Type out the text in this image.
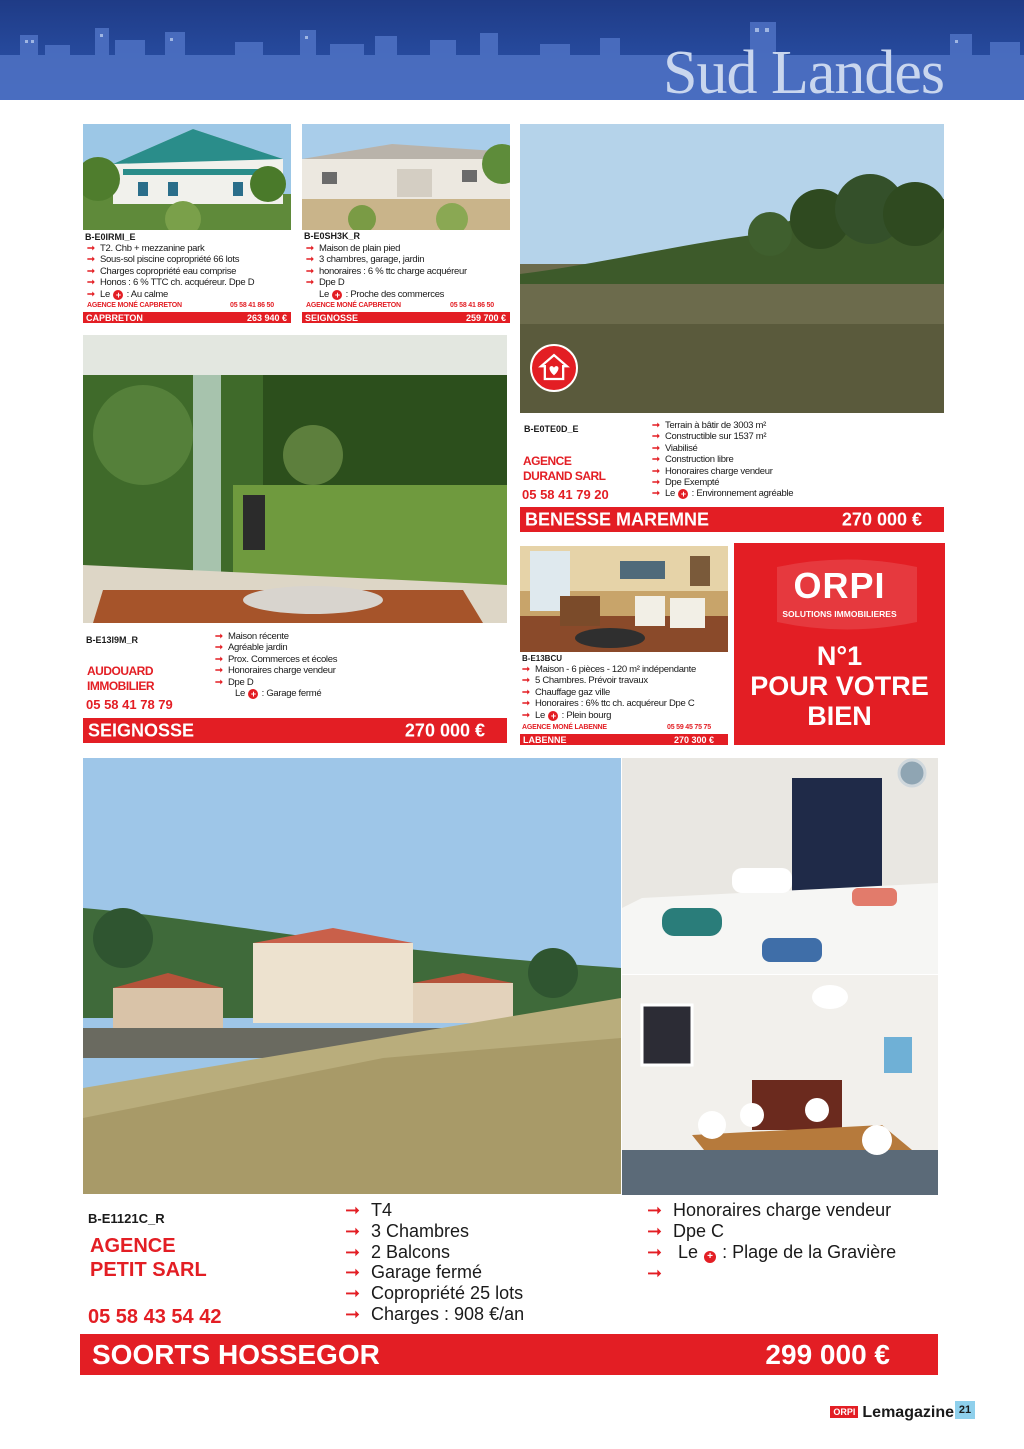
Sud Landes
B-E0IRMI_E
➞ T2. Chb + mezzanine park
➞ Sous-sol piscine copropriété 66 lots
➞ Charges copropriété eau comprise
➞ Honos : 6 % TTC ch. acquéreur. Dpe D
➞ Le + : Au calme
AGENCE MONÉ CAPBRETON	05 58 41 86 50
CAPBRETON	263 940 €
B-E0SH3K_R
➞ Maison de plain pied
➞ 3 chambres, garage, jardin
➞ honoraires : 6 % ttc charge acquéreur
➞ Dpe D
Le + : Proche des commerces
AGENCE MONÉ CAPBRETON	05 58 41 86 50
SEIGNOSSE	259 700 €
B-E0TE0D_E
AGENCE
DURAND SARL
05 58 41 79 20
➞ Terrain à bâtir de 3003 m²
➞ Constructible sur 1537 m²
➞ Viabilisé
➞ Construction libre
➞ Honoraires charge vendeur
➞ Dpe Exempté
➞ Le + : Environnement agréable
BENESSE MAREMNE	270 000 €
B-E13I9M_R
AUDOUARD
IMMOBILIER
05 58 41 78 79
➞ Maison récente
➞ Agréable jardin
➞ Prox. Commerces et écoles
➞ Honoraires charge vendeur
➞ Dpe D
Le + : Garage fermé
SEIGNOSSE	270 000 €
B-E13BCU
➞ Maison - 6 pièces - 120 m² indépendante
➞ 5 Chambres. Prévoir travaux
➞ Chauffage gaz ville
➞ Honoraires : 6% ttc ch. acquéreur Dpe C
➞ Le + : Plein bourg
AGENCE MONÉ LABENNE	05 59 45 75 75
LABENNE	270 300 €
ORPI
SOLUTIONS IMMOBILIERES
N°1
POUR VOTRE
BIEN
B-E1121C_R
AGENCE
PETIT SARL
05 58 43 54 42
➞ T4
➞ 3 Chambres
➞ 2 Balcons
➞ Garage fermé
➞ Copropriété 25 lots
➞ Charges : 908 €/an
➞ Honoraires charge vendeur
➞ Dpe C
➞ Le + : Plage de la Gravière
➞

SOORTS HOSSEGOR	299 000 €
ORPI Lemagazine 21
